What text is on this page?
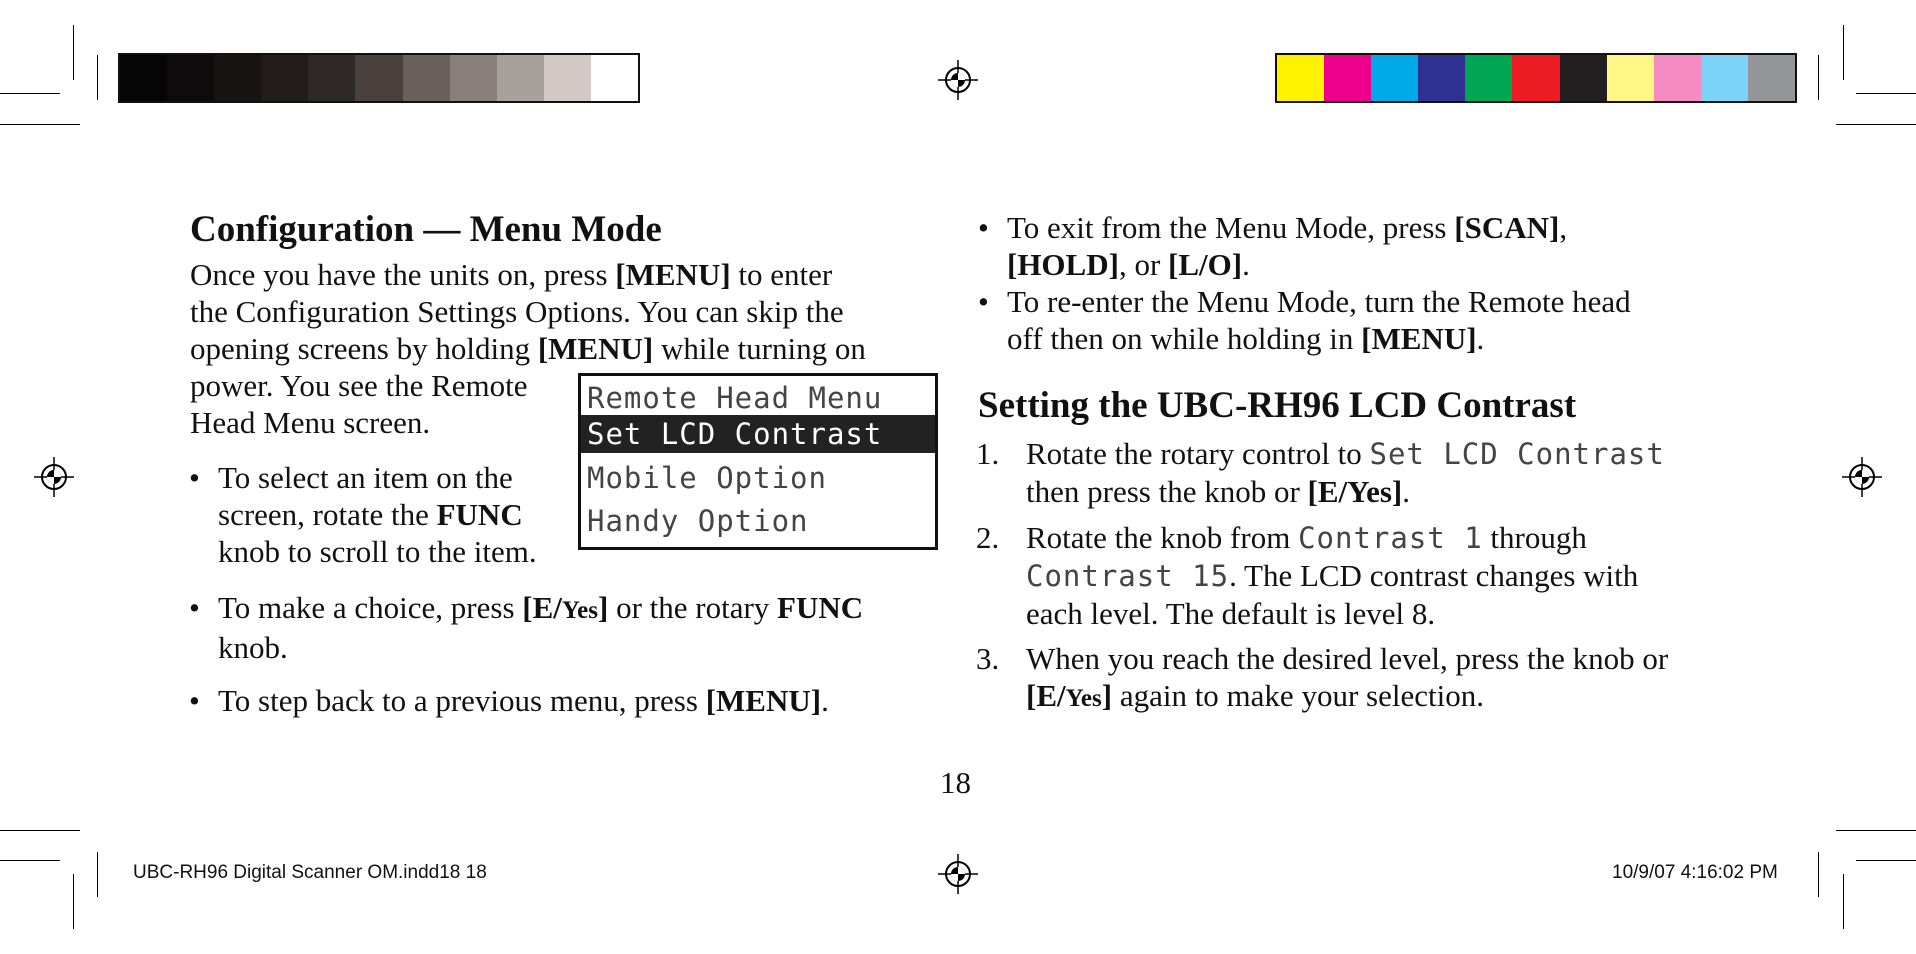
Configuration — Menu Mode
Once you have the units on, press [MENU] to enter
the Configuration Settings Options. You can skip the
opening screens by holding [MENU] while turning on
power. You see the Remote
Head Menu screen.
Remote Head Menu
Set LCD Contrast
Mobile Option
Handy Option
• To select an item on the
screen, rotate the FUNC
knob to scroll to the item.
• To make a choice, press [E/Yes] or the rotary FUNC
knob.
• To step back to a previous menu, press [MENU].
• To exit from the Menu Mode, press [SCAN],
[HOLD], or [L/O].
• To re-enter the Menu Mode, turn the Remote head
off then on while holding in [MENU].
Setting the UBC-RH96 LCD Contrast
1. Rotate the rotary control to Set LCD Contrast
then press the knob or [E/Yes].
2. Rotate the knob from Contrast 1 through
Contrast 15. The LCD contrast changes with
each level. The default is level 8.
3. When you reach the desired level, press the knob or
[E/Yes] again to make your selection.
18
UBC-RH96 Digital Scanner OM.indd18 18	10/9/07 4:16:02 PM
